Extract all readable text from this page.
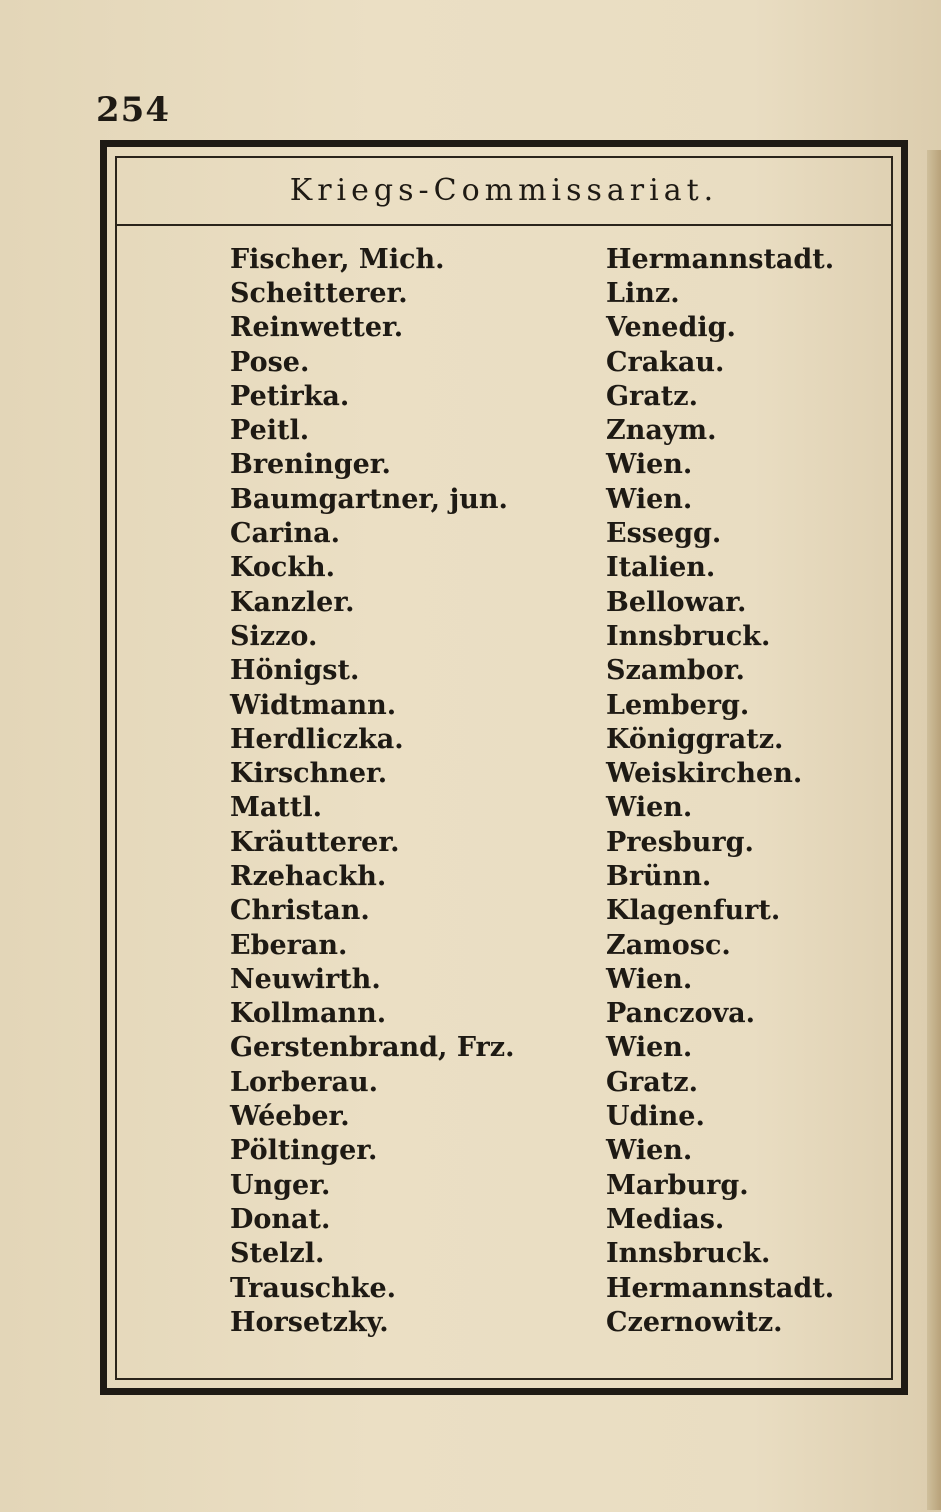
254
Kriegs-Commissariat.
Fischer, Mich.	Hermannstadt.
Scheitterer.	Linz.
Reinwetter.	Venedig.
Pose.	Crakau.
Petirka.	Gratz.
Peitl.	Znaym.
Breninger.	Wien.
Baumgartner, jun.	Wien.
Carina.	Essegg.
Kockh.	Italien.
Kanzler.	Bellowar.
Sizzo.	Innsbruck.
Hönigst.	Szambor.
Widtmann.	Lemberg.
Herdliczka.	Königgratz.
Kirschner.	Weiskirchen.
Mattl.	Wien.
Kräutterer.	Presburg.
Rzehackh.	Brünn.
Christan.	Klagenfurt.
Eberan.	Zamosc.
Neuwirth.	Wien.
Kollmann.	Panczova.
Gerstenbrand, Frz.	Wien.
Lorberau.	Gratz.
Wéeber.	Udine.
Pöltinger.	Wien.
Unger.	Marburg.
Donat.	Medias.
Stelzl.	Innsbruck.
Trauschke.	Hermannstadt.
Horsetzky.	Czernowitz.
